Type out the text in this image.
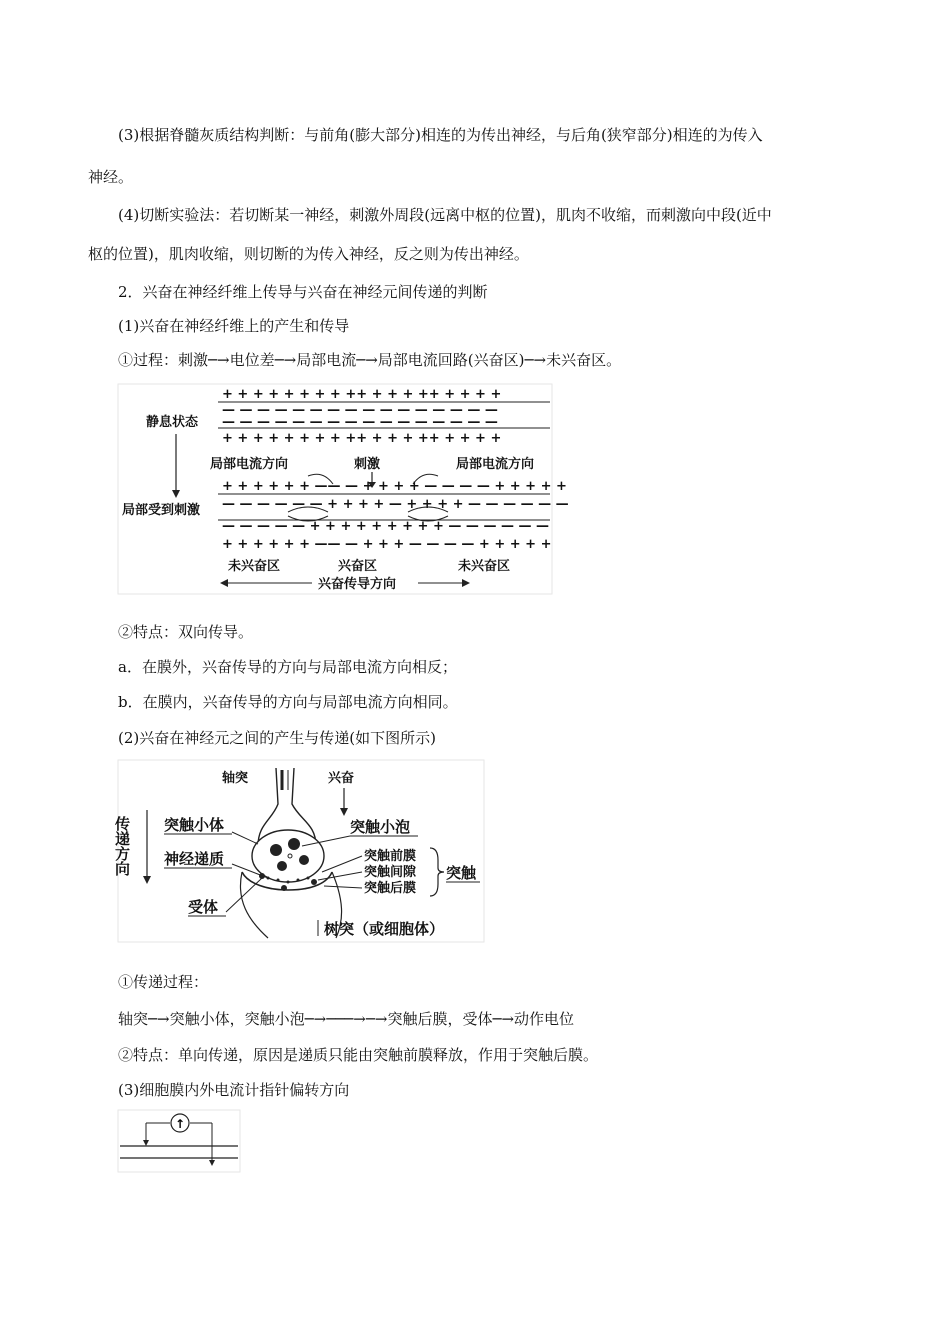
(3)根据脊髓灰质结构判断：与前角(膨大部分)相连的为传出神经，与后角(狭窄部分)相连的为传入
神经。
(4)切断实验法：若切断某一神经，刺激外周段(远离中枢的位置)，肌肉不收缩，而刺激向中段(近中
枢的位置)，肌肉收缩，则切断的为传入神经，反之则为传出神经。
2．兴奋在神经纤维上传导与兴奋在神经元间传递的判断
(1)兴奋在神经纤维上的产生和传导
①过程：刺激─→电位差─→局部电流─→局部电流回路(兴奋区)─→未兴奋区。
+ + + + + + + + ++ + + + ++ + + + +
— — — — — — — — — — — — — — — —
— — — — — — — — — — — — — — — —
+ + + + + + + + ++ + + + ++ + + + +
静息状态
局部受到刺激
局部电流方向	刺激	局部电流方向
+ + + + + + —— — + + + + — — — — + + + + +
— — — — — — + + + + — + + + + — — — — — —
— — — — — + + + + + + + + + — — — — — —
+ + + + + + —— — + + + — — — — + + + + +
未兴奋区	兴奋区	未兴奋区
兴奋传导方向
②特点：双向传导。
a．在膜外，兴奋传导的方向与局部电流方向相反；
b．在膜内，兴奋传导的方向与局部电流方向相同。
(2)兴奋在神经元之间的产生与传递(如下图所示)
传递方向
轴突	兴奋
突触小体
神经递质
受体
突触小泡
突触前膜
突触间隙
突触后膜
突触
树突（或细胞体）
①传递过程：
轴突─→突触小体，突触小泡─→───→─→突触后膜，受体─→动作电位
②特点：单向传递，原因是递质只能由突触前膜释放，作用于突触后膜。
(3)细胞膜内外电流计指针偏转方向
↑
